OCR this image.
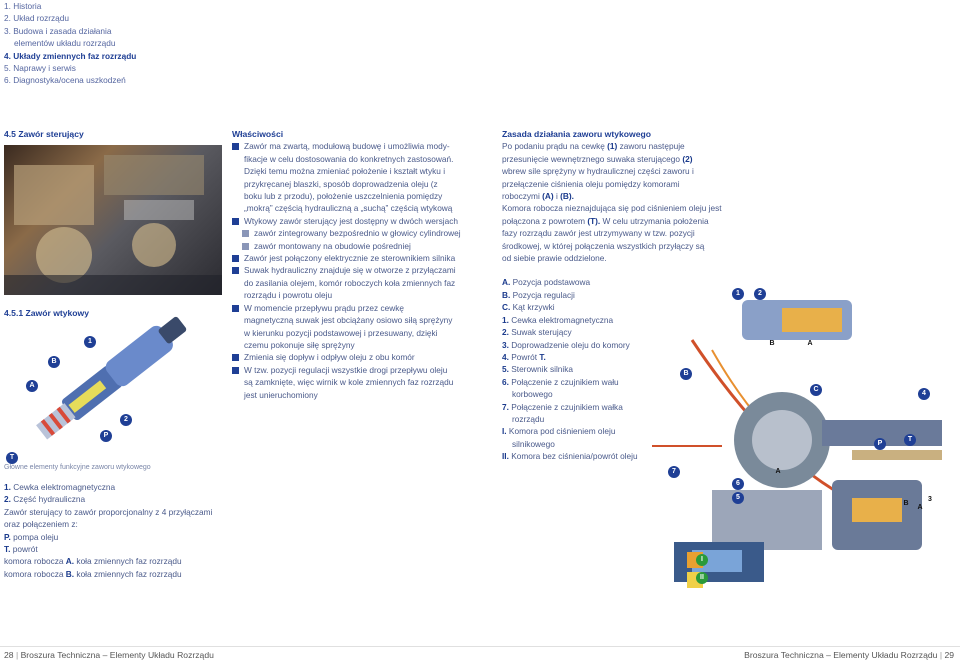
1. Historia
2. Układ rozrządu
3. Budowa i zasada działania
elementów układu rozrządu
4. Układy zmiennych faz rozrządu
5. Naprawy i serwis
6. Diagnostyka/ocena uszkodzeń
4.5 Zawór sterujący
4.5.1 Zawór wtykowy
1
B
A
2
P
T
Główne elementy funkcyjne zaworu wtykowego
1. Cewka elektromagnetyczna
2. Część hydrauliczna
Zawór sterujący to zawór proporcjonalny z 4 przyłączami
oraz połączeniem z:
P. pompa oleju
T. powrót
komora robocza A. koła zmiennych faz rozrządu
komora robocza B. koła zmiennych faz rozrządu
Właściwości
Zawór ma zwartą, modułową budowę i umożliwia mody-
fikacje w celu dostosowania do konkretnych zastosowań.
Dzięki temu można zmieniać położenie i kształt wtyku i
przykręcanej blaszki, sposób doprowadzenia oleju (z
boku lub z przodu), położenie uszczelnienia pomiędzy
„mokrą” częścią hydrauliczną a „suchą” częścią wtykową
Wtykowy zawór sterujący jest dostępny w dwóch wersjach
zawór zintegrowany bezpośrednio w głowicy cylindrowej
zawór montowany na obudowie pośredniej
Zawór jest połączony elektrycznie ze sterownikiem silnika
Suwak hydrauliczny znajduje się w otworze z przyłączami
do zasilania olejem, komór roboczych koła zmiennych faz
rozrządu i powrotu oleju
W momencie przepływu prądu przez cewkę
magnetyczną suwak jest obciążany osiowo siłą sprężyny
w kierunku pozycji podstawowej i przesuwany, dzięki
czemu pokonuje siłę sprężyny
Zmienia się dopływ i odpływ oleju z obu komór
W tzw. pozycji regulacji wszystkie drogi przepływu oleju
są zamknięte, więc wirnik w kole zmiennych faz rozrządu
jest unieruchomiony
Zasada działania zaworu wtykowego
Po podaniu prądu na cewkę (1) zaworu następuje
przesunięcie wewnętrznego suwaka sterującego (2)
wbrew sile sprężyny w hydraulicznej części zaworu i
przełączenie ciśnienia oleju pomiędzy komorami
roboczymi (A) i (B).
Komora robocza nieznajdująca się pod ciśnieniem oleju jest
połączona z powrotem (T). W celu utrzymania położenia
fazy rozrządu zawór jest utrzymywany w tzw. pozycji
środkowej, w której połączenia wszystkich przyłączy są
od siebie prawie oddzielone.
A. Pozycja podstawowa
B. Pozycja regulacji
C. Kąt krzywki
1. Cewka elektromagnetyczna
2. Suwak sterujący
3. Doprowadzenie oleju do komory
4. Powrót T.
5. Sterownik silnika
6. Połączenie z czujnikiem wału
korbowego
7. Połączenie z czujnikiem wałka
rozrządu
I. Komora pod ciśnieniem oleju
silnikowego
II. Komora bez ciśnienia/powrót oleju
1	2
B	A
B
C
4
P
T
A
7
6
5
B
A
3
I
II
28 | Broszura Techniczna – Elementy Układu Rozrządu	Broszura Techniczna – Elementy Układu Rozrządu | 29
